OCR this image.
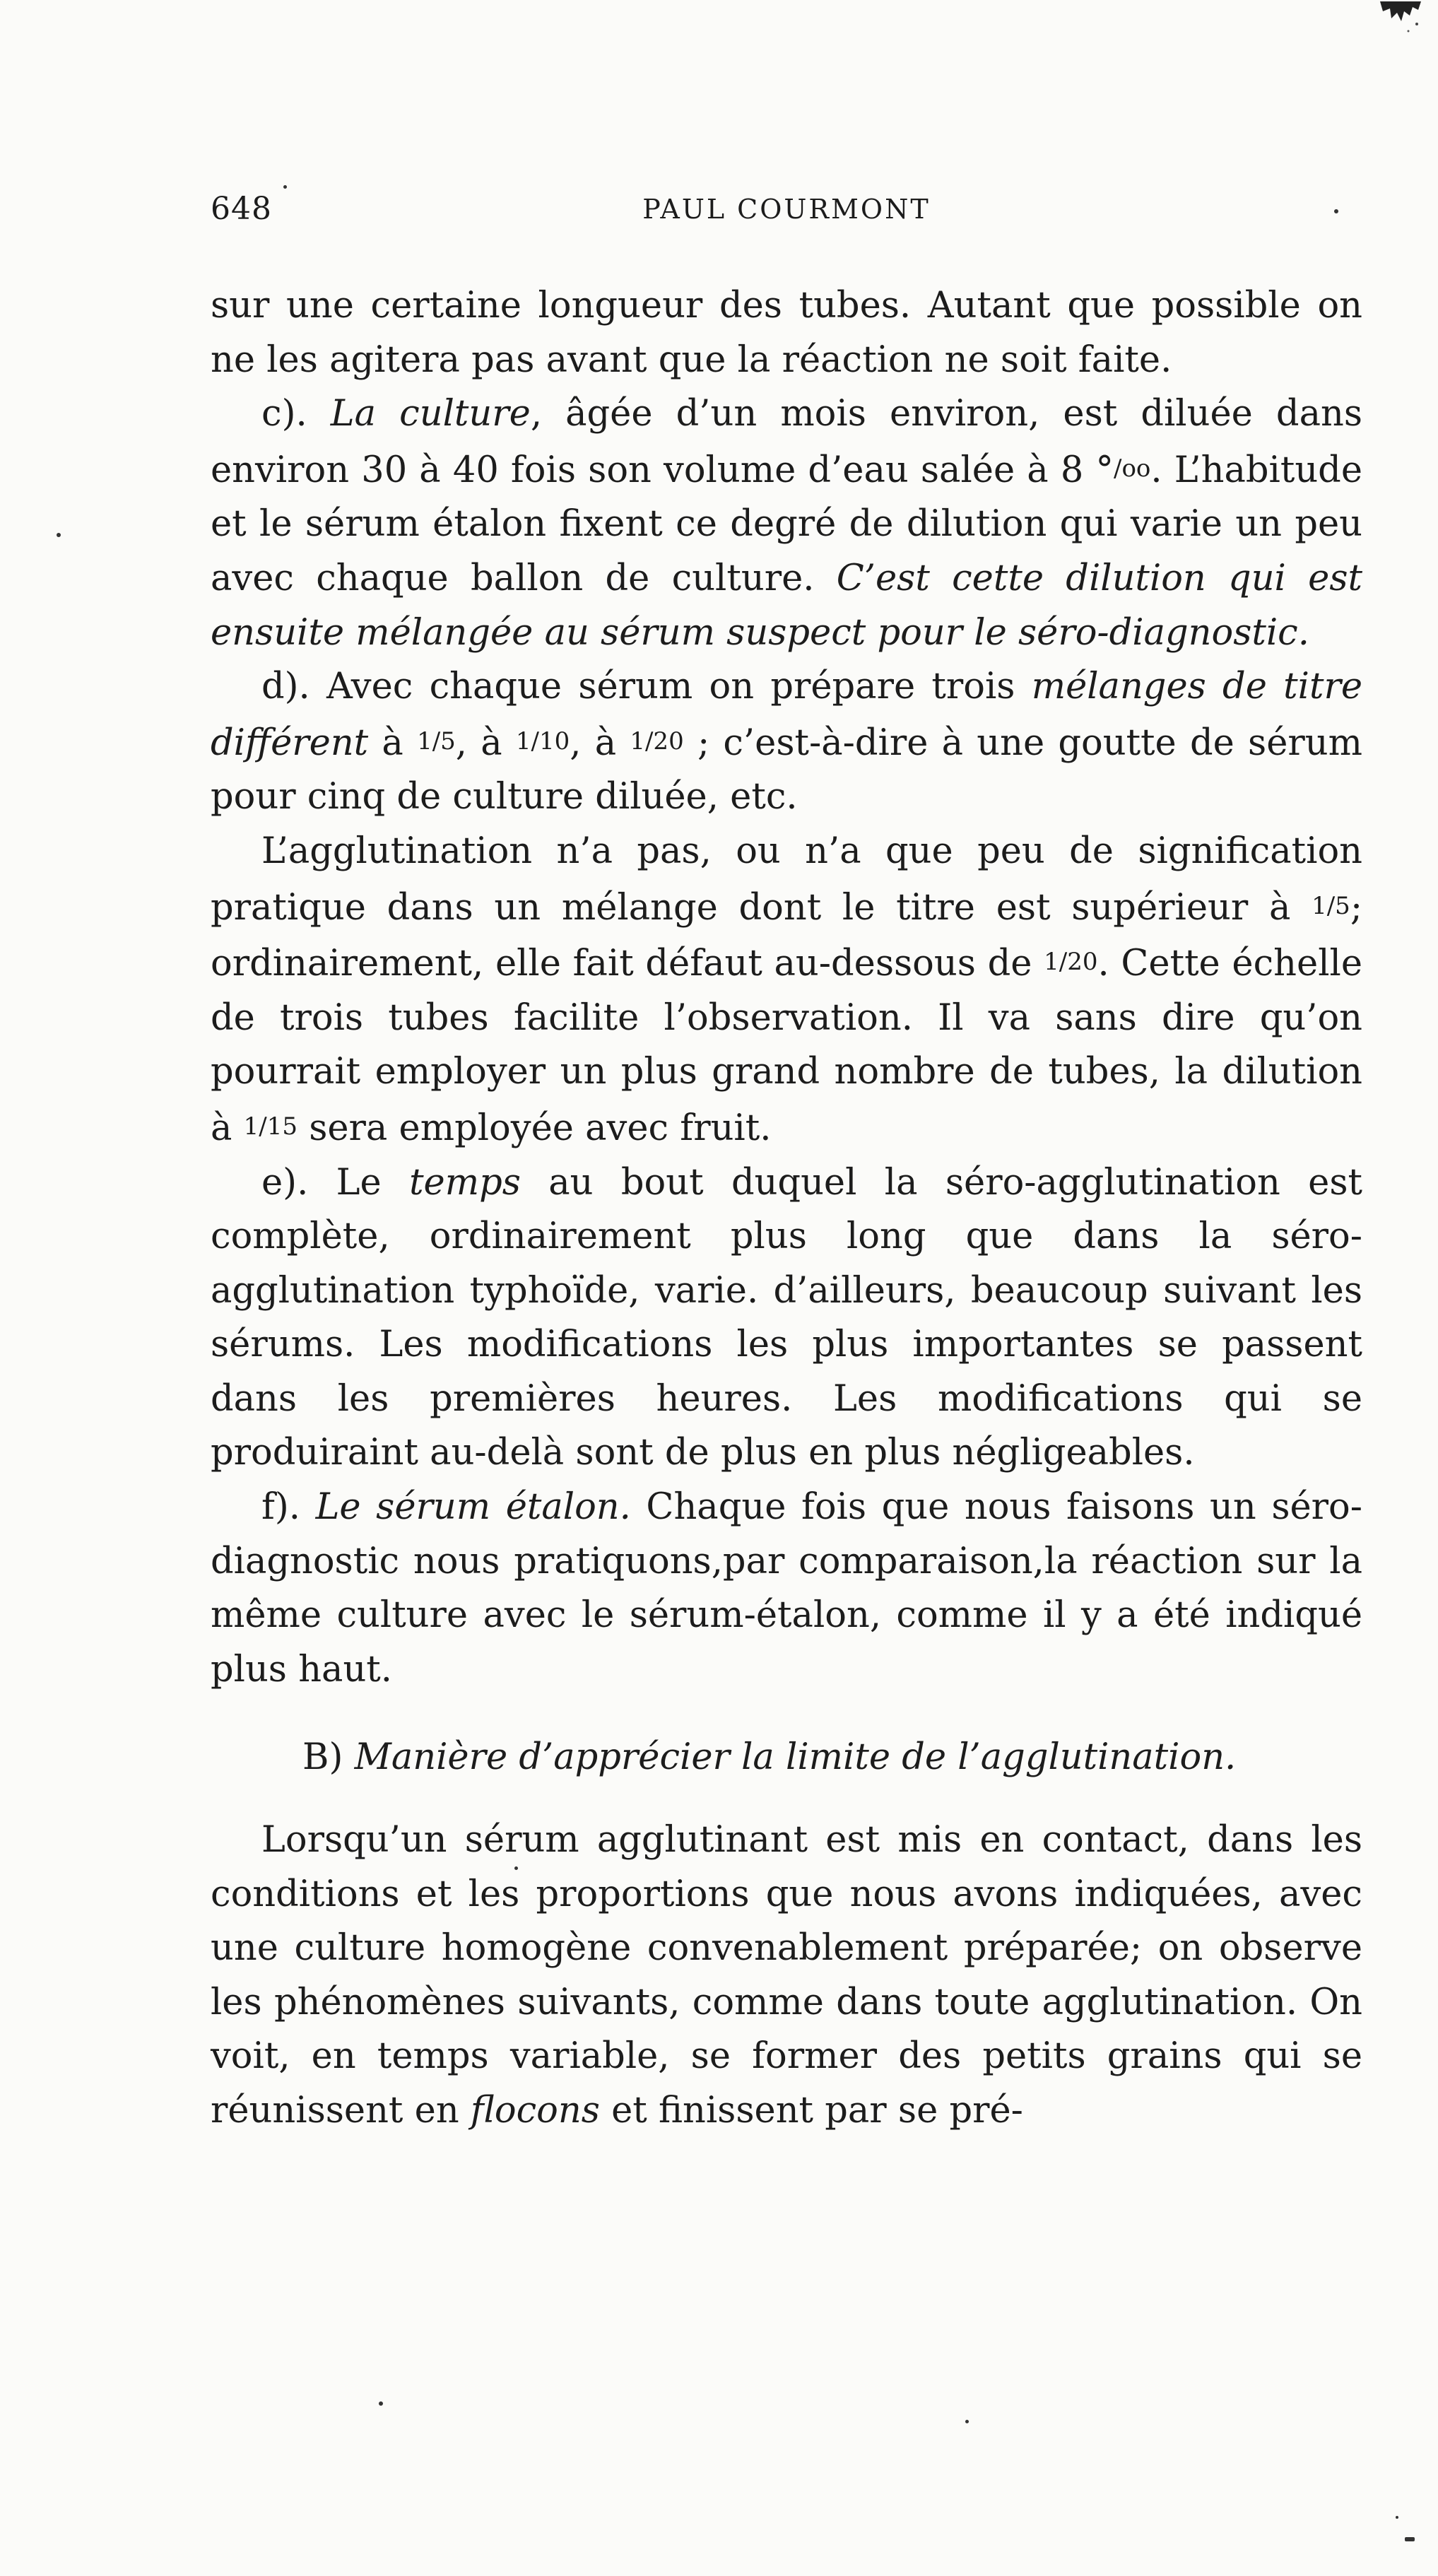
648	PAUL COURMONT

sur une certaine longueur des tubes. Autant que possible on ne les agitera pas avant que la réaction ne soit faite.

c). La culture, âgée d’un mois environ, est diluée dans environ 30 à 40 fois son volume d’eau salée à 8 °/oo. L’habitude et le sérum étalon fixent ce degré de dilution qui varie un peu avec chaque ballon de culture. C’est cette dilution qui est ensuite mélangée au sérum suspect pour le séro-diagnostic.

d). Avec chaque sérum on prépare trois mélanges de titre différent à 1/5, à 1/10, à 1/20 ; c’est-à-dire à une goutte de sérum pour cinq de culture diluée, etc.

L’agglutination n’a pas, ou n’a que peu de signification pratique dans un mélange dont le titre est supérieur à 1/5; ordinairement, elle fait défaut au-dessous de 1/20. Cette échelle de trois tubes facilite l’observation. Il va sans dire qu’on pourrait employer un plus grand nombre de tubes, la dilution à 1/15 sera employée avec fruit.

e). Le temps au bout duquel la séro-agglutination est complète, ordinairement plus long que dans la séro-agglutination typhoïde, varie. d’ailleurs, beaucoup suivant les sérums. Les modifications les plus importantes se passent dans les premières heures. Les modifications qui se produiraint au-delà sont de plus en plus négligeables.

f). Le sérum étalon. Chaque fois que nous faisons un séro-diagnostic nous pratiquons,par comparaison,la réaction sur la même culture avec le sérum-étalon, comme il y a été indiqué plus haut.

B) Manière d’apprécier la limite de l’agglutination.

Lorsqu’un sérum agglutinant est mis en contact, dans les conditions et les proportions que nous avons indiquées, avec une culture homogène convenablement préparée; on observe les phénomènes suivants, comme dans toute agglutination. On voit, en temps variable, se former des petits grains qui se réunissent en flocons et finissent par se pré-
